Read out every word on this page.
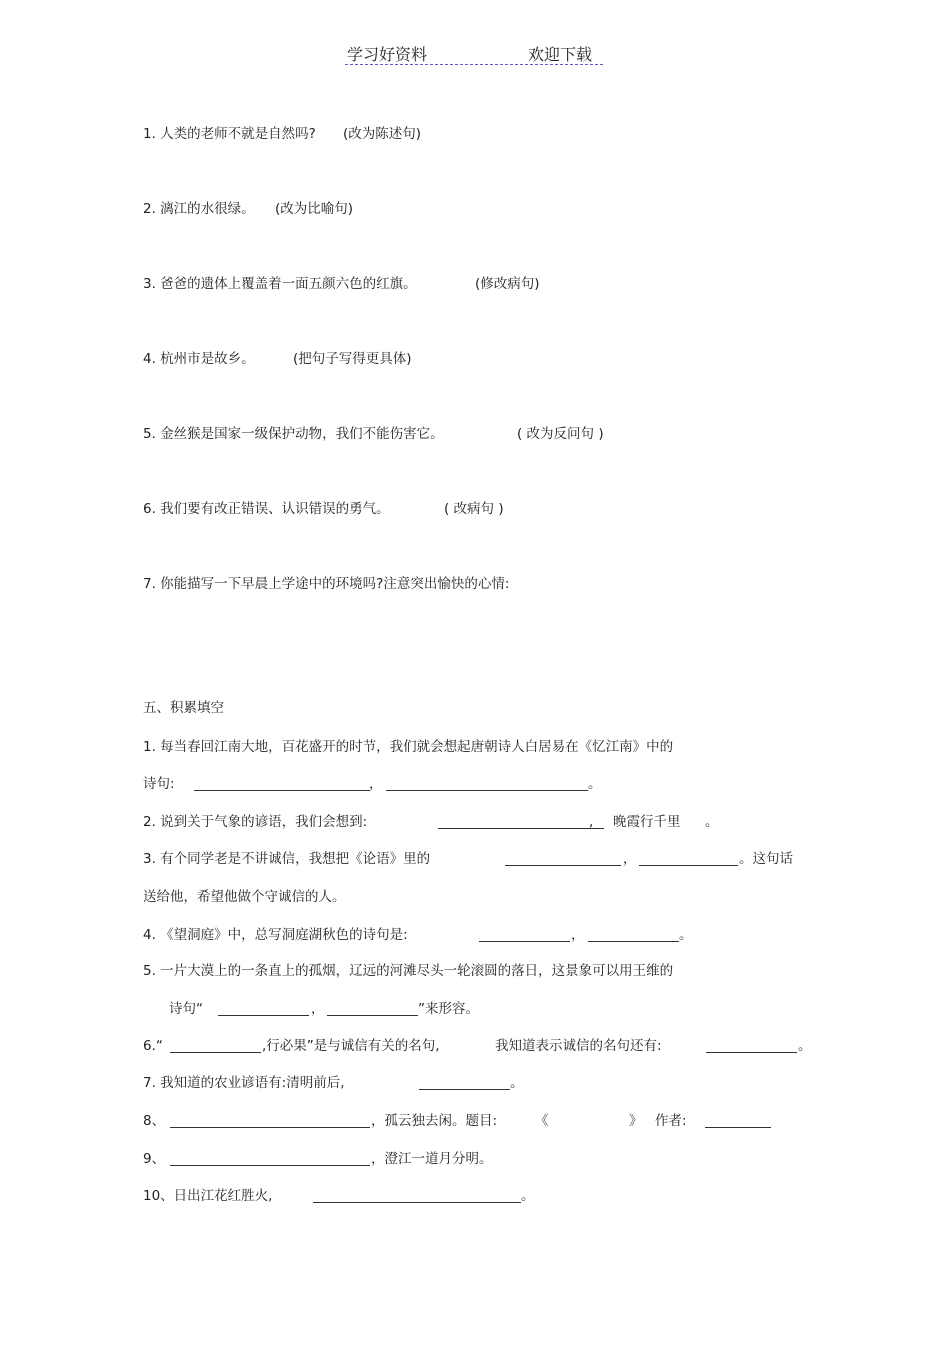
学习好资料	欢迎下载
1. 人类的老师不就是自然吗? (改为陈述句)
2. 漓江的水很绿。 (改为比喻句)
3. 爸爸的遗体上覆盖着一面五颜六色的红旗。	(修改病句)
4. 杭州市是故乡。	(把句子写得更具体)
5. 金丝猴是国家一级保护动物，我们不能伤害它。	( 改为反问句 )
6. 我们要有改正错误、认识错误的勇气。	( 改病句 )
7. 你能描写一下早晨上学途中的环境吗?注意突出愉快的心情:
五、积累填空
1. 每当春回江南大地，百花盛开的时节，我们就会想起唐朝诗人白居易在《忆江南》中的
诗句:	，	。
2. 说到关于气象的谚语，我们会想到:	, 晚霞行千里 。
3. 有个同学老是不讲诚信，我想把《论语》里的	，	。这句话
送给他，希望他做个守诚信的人。
4. 《望洞庭》中，总写洞庭湖秋色的诗句是:	，	。
5. 一片大漠上的一条直上的孤烟，辽远的河滩尽头一轮滚圆的落日，这景象可以用王维的
诗句“	，	”来形容。
6.“	,行必果”是与诚信有关的名句,	我知道表示诚信的名句还有:	。
7. 我知道的农业谚语有:清明前后,	。
8、	，孤云独去闲。题目:	《	》 作者:
9、	，澄江一道月分明。
10、日出江花红胜火,	。
